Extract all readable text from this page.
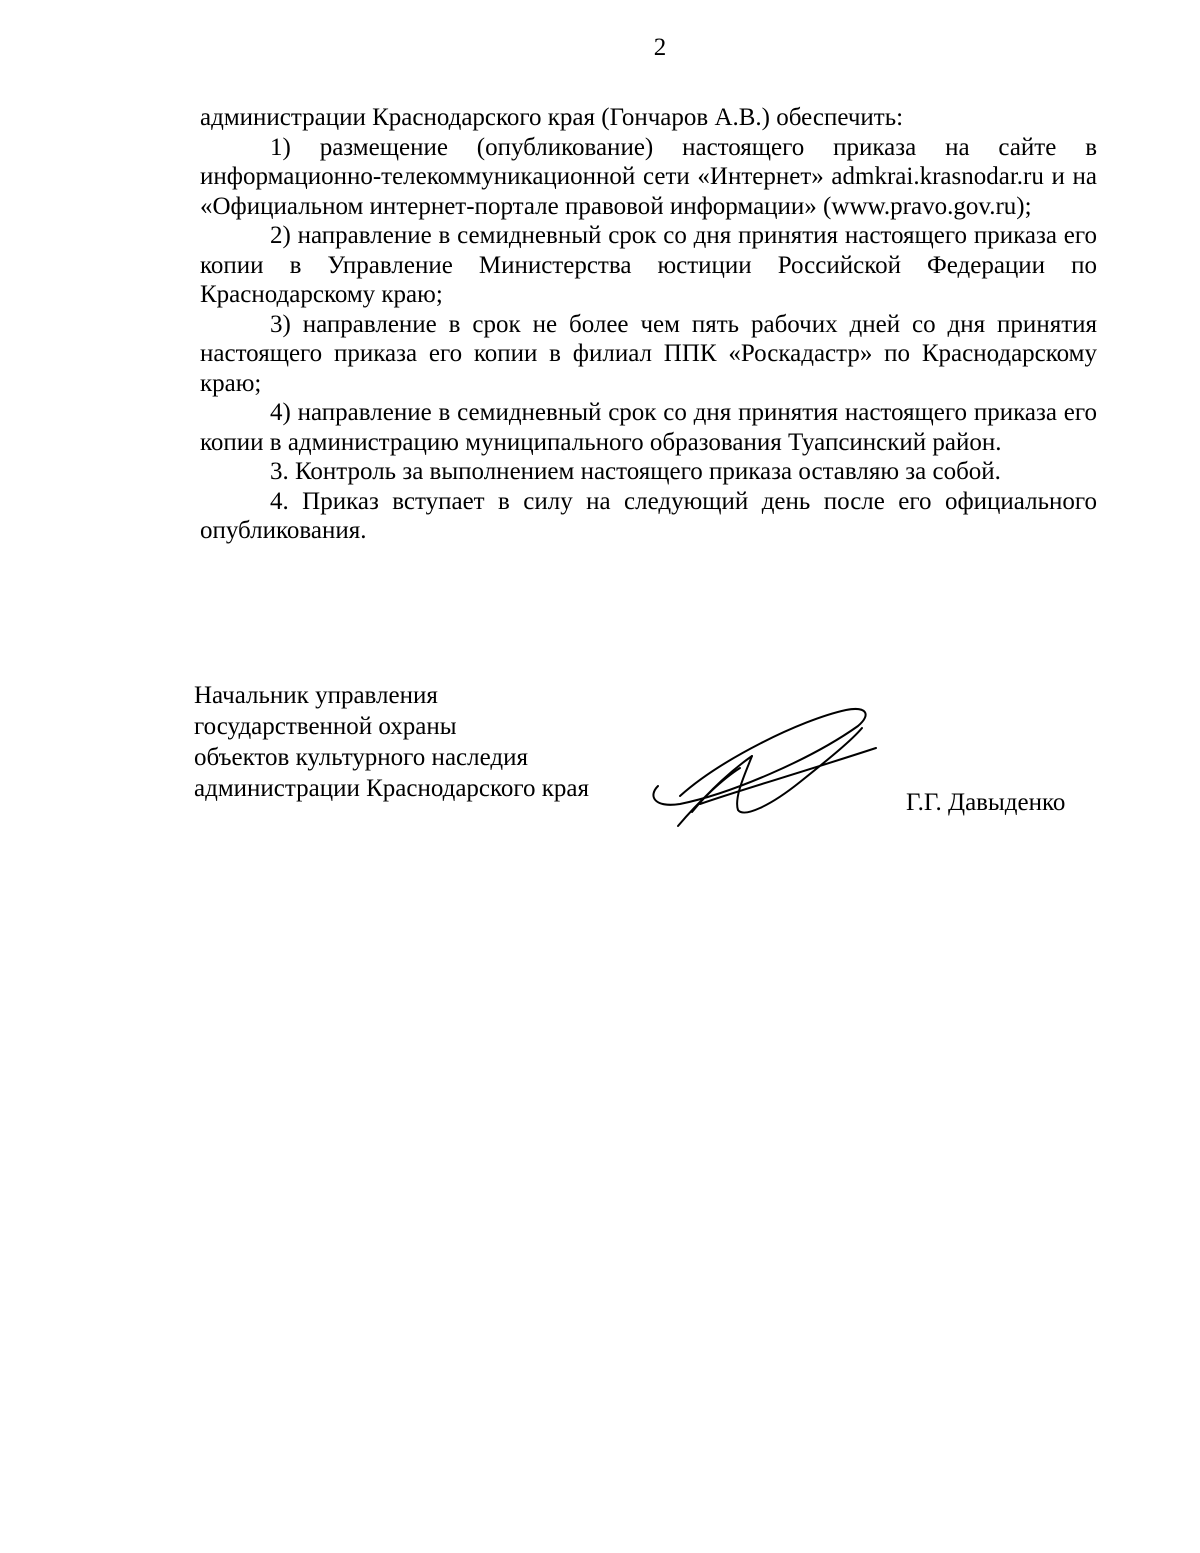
2

администрации Краснодарского края (Гончаров А.В.) обеспечить:

1) размещение (опубликование) настоящего приказа на сайте в информационно-телекоммуникационной сети «Интернет» admkrai.krasnodar.ru и на «Официальном интернет-портале правовой информации» (www.pravo.gov.ru);

2) направление в семидневный срок со дня принятия настоящего приказа его копии в Управление Министерства юстиции Российской Федерации по Краснодарскому краю;

3) направление в срок не более чем пять рабочих дней со дня принятия настоящего приказа его копии в филиал ППК «Роскадастр» по Краснодарскому краю;

4) направление в семидневный срок со дня принятия настоящего приказа его копии в администрацию муниципального образования Туапсинский район.

3. Контроль за выполнением настоящего приказа оставляю за собой.

4. Приказ вступает в силу на следующий день после его официального опубликования.

Начальник управления
государственной охраны
объектов культурного наследия
администрации Краснодарского края
Г.Г. Давыденко
